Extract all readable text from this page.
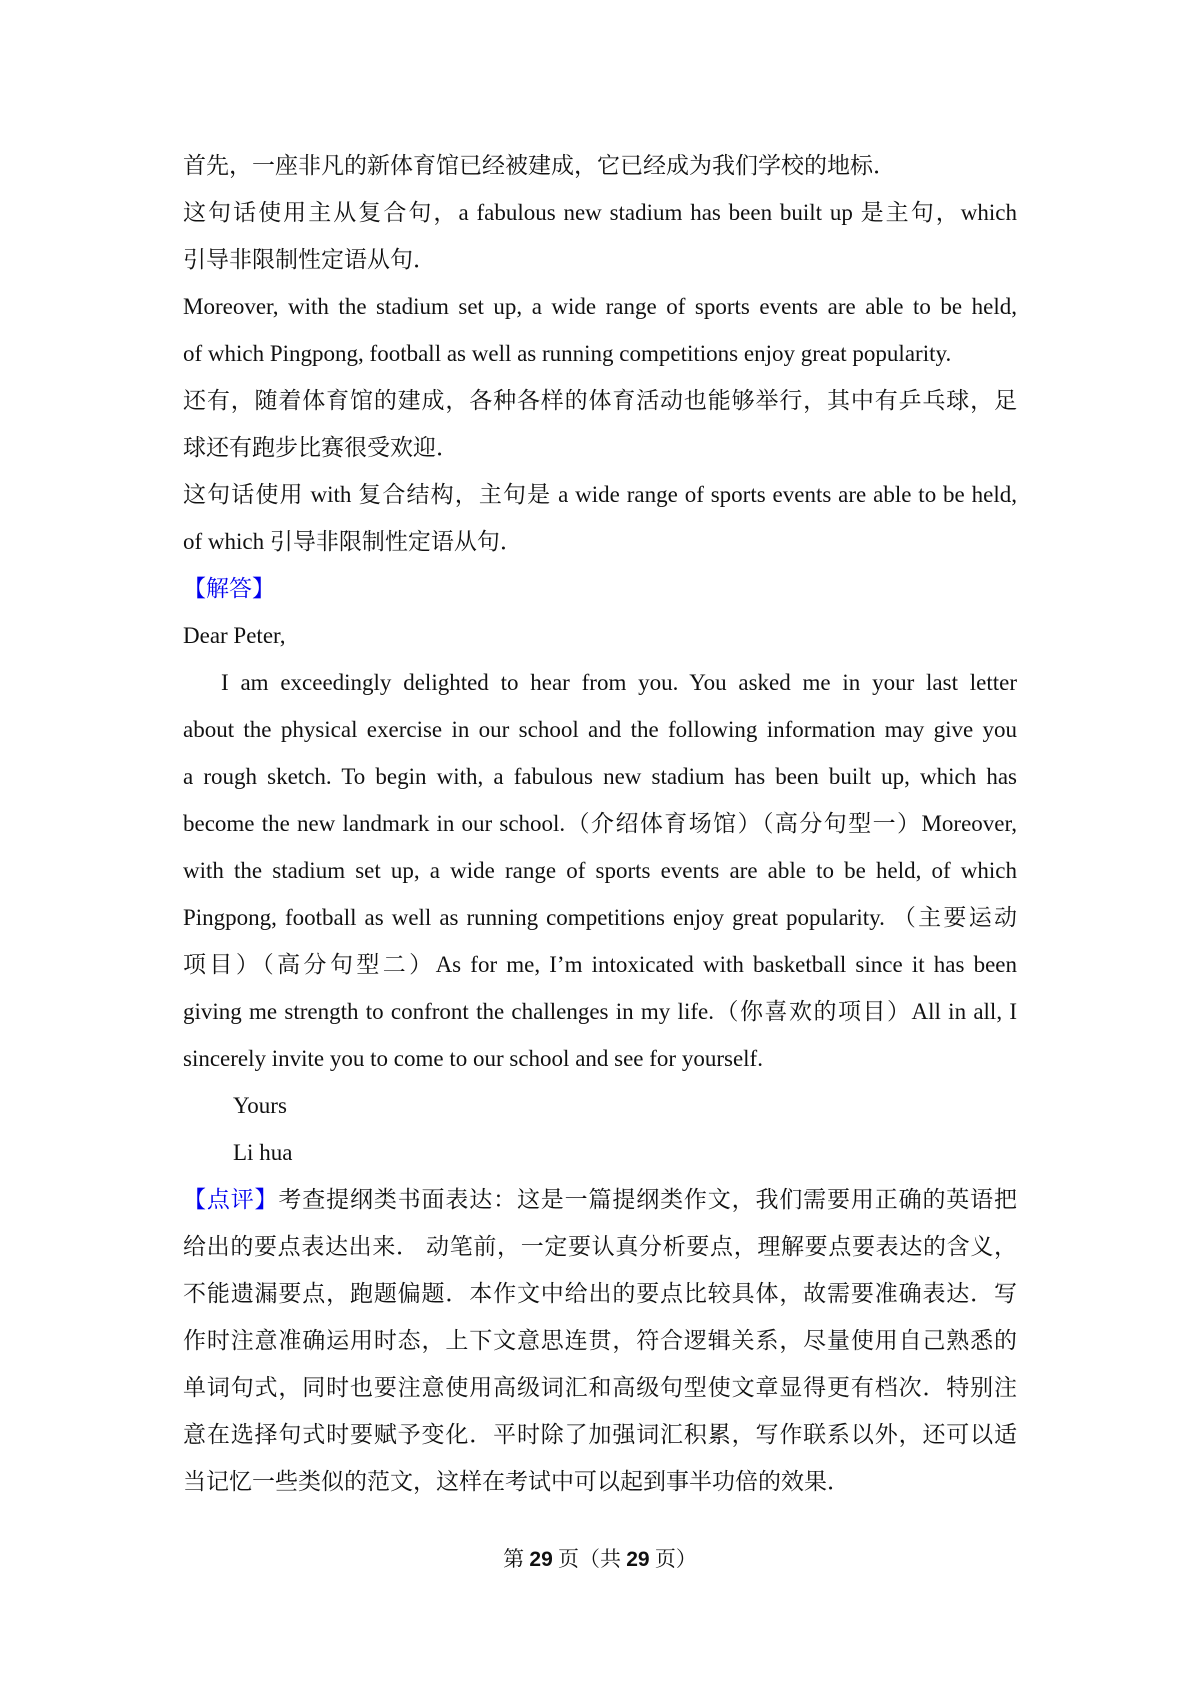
首先，一座非凡的新体育馆已经被建成，它已经成为我们学校的地标．
这句话使用主从复合句，a fabulous new stadium has been built up 是主句，which
引导非限制性定语从句．
Moreover, with the stadium set up, a wide range of sports events are able to be held,
of which Pingpong, football as well as running competitions enjoy great popularity.
还有，随着体育馆的建成，各种各样的体育活动也能够举行，其中有乒乓球，足
球还有跑步比赛很受欢迎．
这句话使用 with 复合结构，主句是 a wide range of sports events are able to be held,
of which 引导非限制性定语从句．
【解答】
Dear Peter,
I am exceedingly delighted to hear from you. You asked me in your last letter
about the physical exercise in our school and the following information may give you
a rough sketch. To begin with, a fabulous new stadium has been built up, which has
become the new landmark in our school.（介绍体育场馆）（高分句型一）Moreover,
with the stadium set up, a wide range of sports events are able to be held, of which
Pingpong, football as well as running competitions enjoy great popularity. （主要运动
项目）（高分句型二）As for me, I’m intoxicated with basketball since it has been
giving me strength to confront the challenges in my life.（你喜欢的项目）All in all, I
sincerely invite you to come to our school and see for yourself.
Yours
Li hua
【点评】考查提纲类书面表达：这是一篇提纲类作文，我们需要用正确的英语把
给出的要点表达出来． 动笔前，一定要认真分析要点，理解要点要表达的含义，
不能遗漏要点，跑题偏题．本作文中给出的要点比较具体，故需要准确表达．写
作时注意准确运用时态，上下文意思连贯，符合逻辑关系，尽量使用自己熟悉的
单词句式，同时也要注意使用高级词汇和高级句型使文章显得更有档次．特别注
意在选择句式时要赋予变化．平时除了加强词汇积累，写作联系以外，还可以适
当记忆一些类似的范文，这样在考试中可以起到事半功倍的效果．
第 29 页（共 29 页）
